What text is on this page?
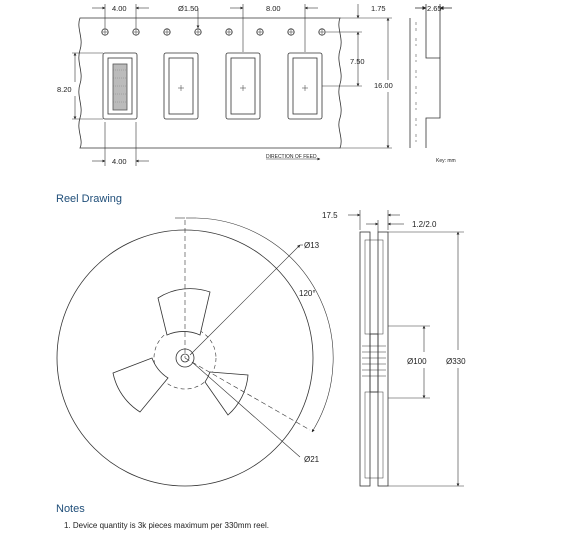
4.00	Ø1.50	8.00	1.75	2.65
7.50
16.00
8.20
4.00	DIRECTION OF FEED
Key: mm
Ø13
120°
Ø21
17.5
1.2/2.0
Ø100 Ø330
Reel Drawing
Notes
1. Device quantity is 3k pieces maximum per 330mm reel.
